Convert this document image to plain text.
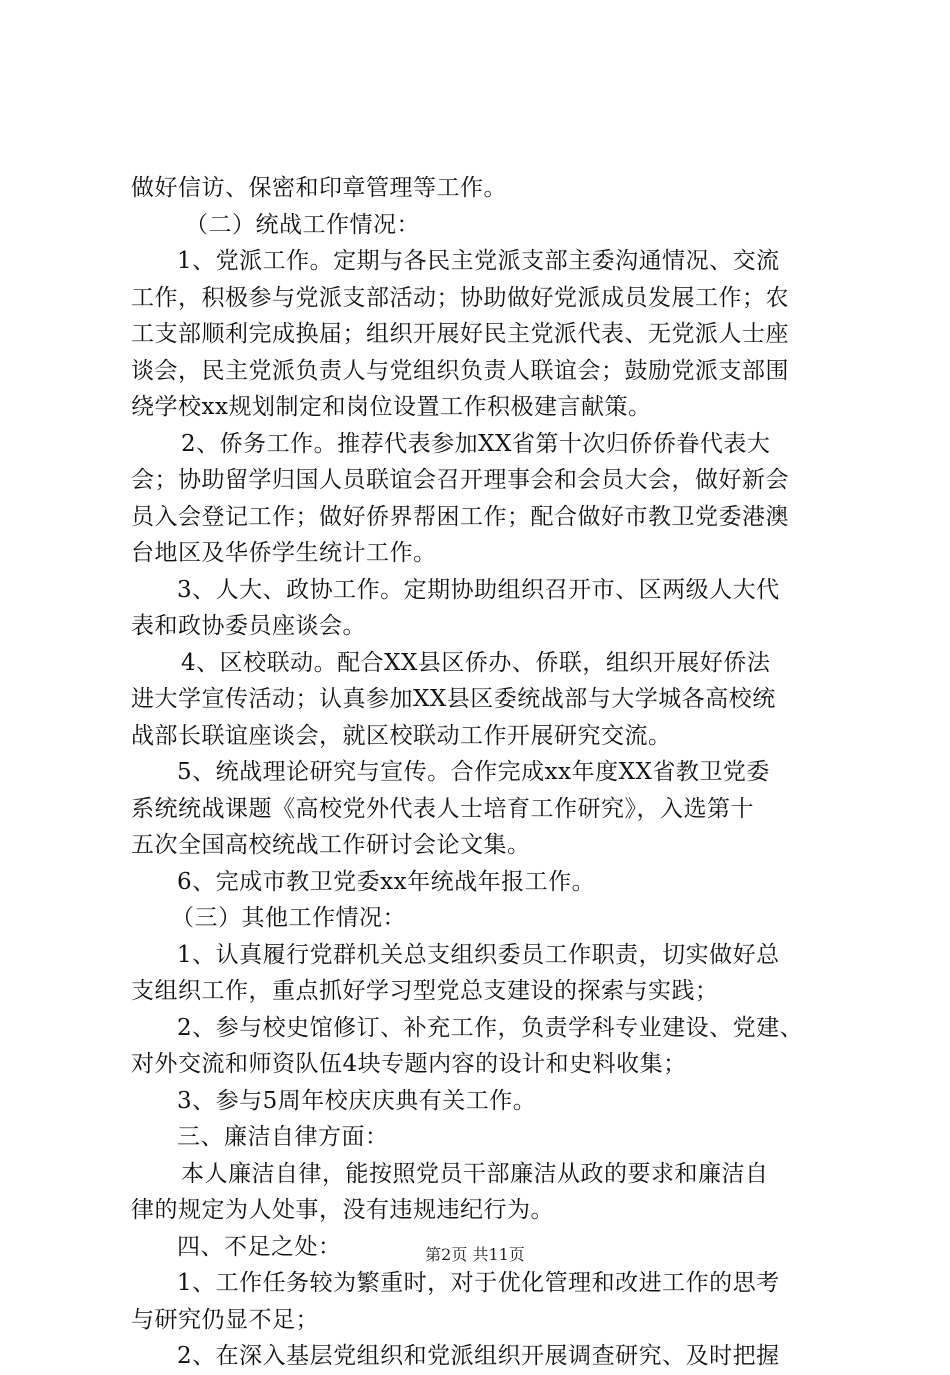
做好信访、保密和印章管理等工作。
（二）统战工作情况：
1、党派工作。定期与各民主党派支部主委沟通情况、交流
工作，积极参与党派支部活动；协助做好党派成员发展工作；农
工支部顺利完成换届；组织开展好民主党派代表、无党派人士座
谈会，民主党派负责人与党组织负责人联谊会；鼓励党派支部围
绕学校xx规划制定和岗位设置工作积极建言献策。
2、侨务工作。推荐代表参加XX省第十次归侨侨眷代表大
会；协助留学归国人员联谊会召开理事会和会员大会，做好新会
员入会登记工作；做好侨界帮困工作；配合做好市教卫党委港澳
台地区及华侨学生统计工作。
3、人大、政协工作。定期协助组织召开市、区两级人大代
表和政协委员座谈会。
4、区校联动。配合XX县区侨办、侨联，组织开展好侨法
进大学宣传活动；认真参加XX县区委统战部与大学城各高校统
战部长联谊座谈会，就区校联动工作开展研究交流。
5、统战理论研究与宣传。合作完成xx年度XX省教卫党委
系统统战课题《高校党外代表人士培育工作研究》，入选第十
五次全国高校统战工作研讨会论文集。
6、完成市教卫党委xx年统战年报工作。
（三）其他工作情况：
1、认真履行党群机关总支组织委员工作职责，切实做好总
支组织工作，重点抓好学习型党总支建设的探索与实践；
2、参与校史馆修订、补充工作，负责学科专业建设、党建、
对外交流和师资队伍4块专题内容的设计和史料收集；
3、参与5周年校庆庆典有关工作。
三、廉洁自律方面：
本人廉洁自律，能按照党员干部廉洁从政的要求和廉洁自
律的规定为人处事，没有违规违纪行为。
四、不足之处：
1、工作任务较为繁重时，对于优化管理和改进工作的思考
与研究仍显不足；
2、在深入基层党组织和党派组织开展调查研究、及时把握
第2页 共11页
